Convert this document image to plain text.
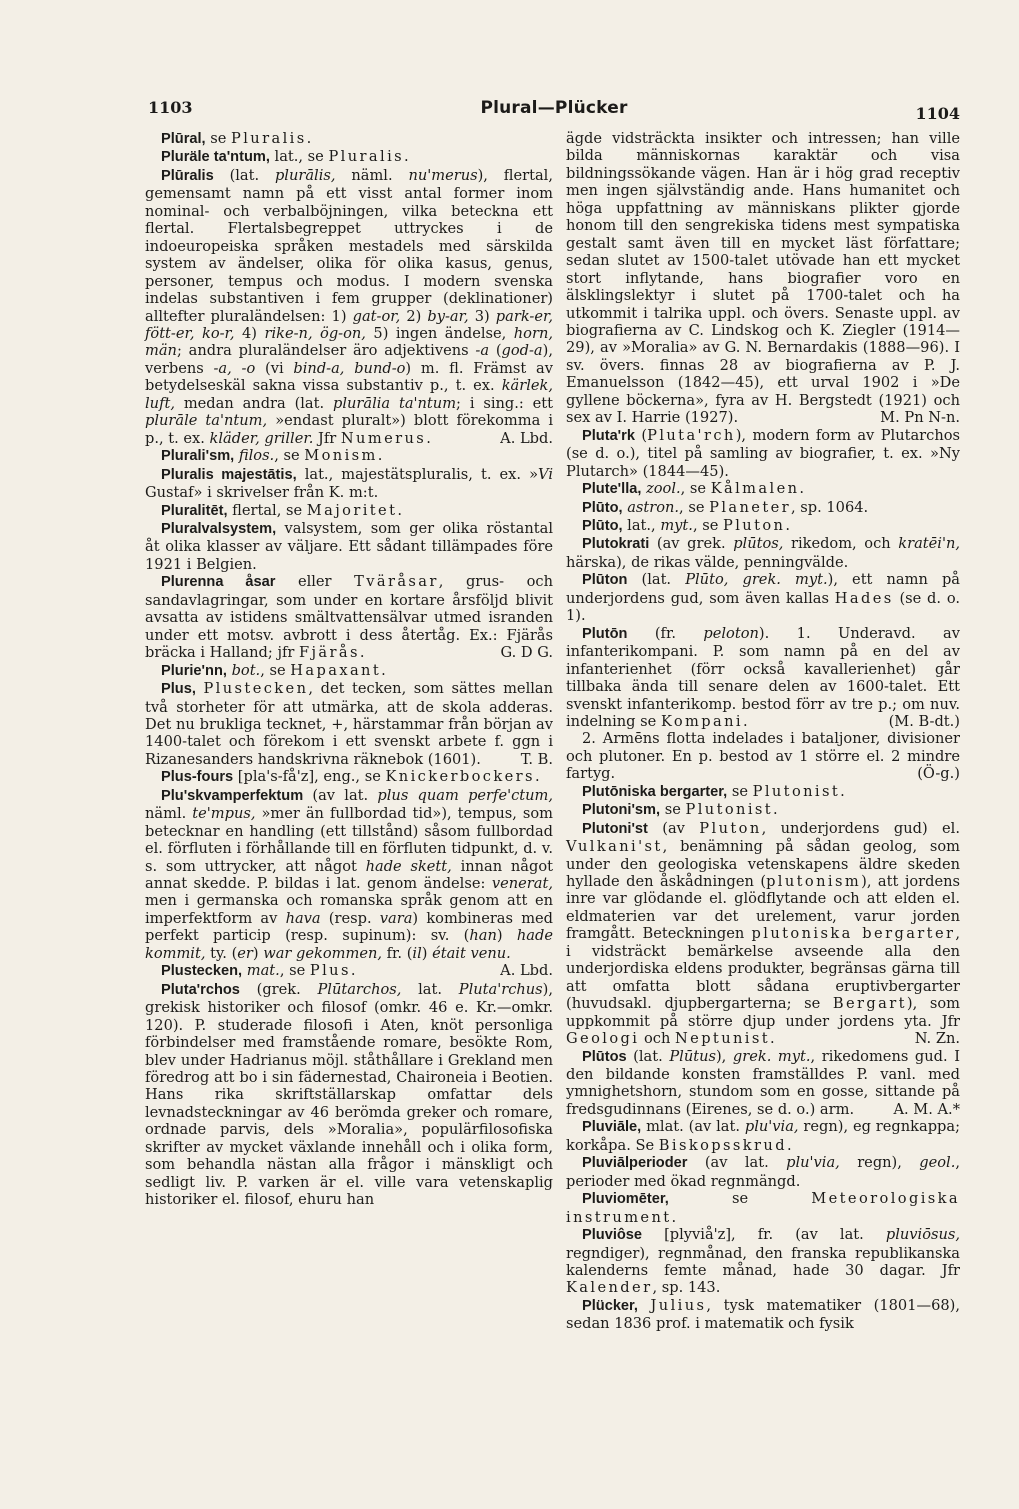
1103	Plural—Plücker	1104

Plūral, se Pluralis.

Pluräle ta'ntum, lat., se Pluralis.

Plūralis (lat. plurālis, näml. nu'merus), flertal, gemensamt namn på ett visst antal former inom nominal- och verbalböjningen, vilka beteckna ett flertal. Flertalsbegreppet uttryckes i de indoeuropeiska språken mestadels med särskilda system av ändelser, olika för olika kasus, genus, personer, tempus och modus. I modern svenska indelas substantiven i fem grupper (deklinationer) alltefter pluraländelsen: 1) gat-or, 2) by-ar, 3) park-er, fött-er, ko-r, 4) rike-n, ög-on, 5) ingen ändelse, horn, män; andra pluraländelser äro adjektivens -a (god-a), verbens -a, -o (vi bind-a, bund-o) m. fl. Främst av betydelseskäl sakna vissa substantiv p., t. ex. kärlek, luft, medan andra (lat. plurālia ta'ntum; i sing.: ett plurāle ta'ntum, »endast pluralt») blott förekomma i p., t. ex. kläder, griller. Jfr Numerus.	A. Lbd.

Plurali'sm, filos., se Monism.

Pluralis majestātis, lat., majestätspluralis, t. ex. »Vi Gustaf» i skrivelser från K. m:t.

Pluralitēt, flertal, se Majoritet.

Pluralvalsystem, valsystem, som ger olika röstantal åt olika klasser av väljare. Ett sådant tillämpades före 1921 i Belgien.

Plurenna åsar eller Tväråsar, grus- och sandavlagringar, som under en kortare årsföljd blivit avsatta av istidens smältvattensälvar utmed isranden under ett motsv. avbrott i dess återtåg. Ex.: Fjärås bräcka i Halland; jfr Fjärås.	G. D G.

Plurie'nn, bot., se Hapaxant.

Plus, Plustecken, det tecken, som sättes mellan två storheter för att utmärka, att de skola adderas. Det nu brukliga tecknet, +, härstammar från början av 1400-talet och förekom i ett svenskt arbete f. ggn i Rizanesanders handskrivna räknebok (1601).	T. B.

Plus-fours [pla's-få'z], eng., se Knickerbockers.

Plu'skvamperfektum (av lat. plus quam perfe'ctum, näml. te'mpus, »mer än fullbordad tid»), tempus, som betecknar en handling (ett tillstånd) såsom fullbordad el. förfluten i förhållande till en förfluten tidpunkt, d. v. s. som uttrycker, att något hade skett, innan något annat skedde. P. bildas i lat. genom ändelse: venerat, men i germanska och romanska språk genom att en imperfektform av hava (resp. vara) kombineras med perfekt particip (resp. supinum): sv. (han) hade kommit, ty. (er) war gekommen, fr. (il) était venu.
A. Lbd.

Plustecken, mat., se Plus.

Pluta'rchos (grek. Plūtarchos, lat. Pluta'rchus), grekisk historiker och filosof (omkr. 46 e. Kr.—omkr. 120). P. studerade filosofi i Aten, knöt personliga förbindelser med framstående romare, besökte Rom, blev under Hadrianus möjl. ståthållare i Grekland men föredrog att bo i sin fädernestad, Chaironeia i Beotien. Hans rika skriftställarskap omfattar dels levnadsteckningar av 46 berömda greker och romare, ordnade parvis, dels »Moralia», populärfilosofiska skrifter av mycket växlande innehåll och i olika form, som behandla nästan alla frågor i mänskligt och sedligt liv. P. varken är el. ville vara vetenskaplig historiker el. filosof, ehuru han

ägde vidsträckta insikter och intressen; han ville bilda människornas karaktär och visa bildningssökande vägen. Han är i hög grad receptiv men ingen självständig ande. Hans humanitet och höga uppfattning av människans plikter gjorde honom till den sengrekiska tidens mest sympatiska gestalt samt även till en mycket läst författare; sedan slutet av 1500-talet utövade han ett mycket stort inflytande, hans biografier voro en älsklingslektyr i slutet på 1700-talet och ha utkommit i talrika uppl. och övers. Senaste uppl. av biografierna av C. Lindskog och K. Ziegler (1914—29), av »Moralia» av G. N. Bernardakis (1888—96). I sv. övers. finnas 28 av biografierna av P. J. Emanuelsson (1842—45), ett urval 1902 i »De gyllene böckerna», fyra av H. Bergstedt (1921) och sex av I. Harrie (1927).	M. Pn N-n.

Pluta'rk (Pluta'rch), modern form av Plutarchos (se d. o.), titel på samling av biografier, t. ex. »Ny Plutarch» (1844—45).

Plute'lla, zool., se Kålmalen.

Plūto, astron., se Planeter, sp. 1064.

Plūto, lat., myt., se Pluton.

Plutokrati (av grek. plūtos, rikedom, och kratēi'n, härska), de rikas välde, penningvälde.

Plūton (lat. Plūto, grek. myt.), ett namn på underjordens gud, som även kallas Hades (se d. o. 1).

Plutōn (fr. peloton). 1. Underavd. av infanterikompani. P. som namn på en del av infanterienhet (förr också kavallerienhet) går tillbaka ända till senare delen av 1600-talet. Ett svenskt infanterikomp. bestod förr av tre p.; om nuv. indelning se Kompani.	(M. B-dt.)

2. Armēns flotta indelades i bataljoner, divisioner och plutoner. En p. bestod av 1 större el. 2 mindre fartyg.	(Ö-g.)

Plutōniska bergarter, se Plutonist.

Plutoni'sm, se Plutonist.

Plutoni'st (av Pluton, underjordens gud) el. Vulkani'st, benämning på sådan geolog, som under den geologiska vetenskapens äldre skeden hyllade den åskådningen (plutonism), att jordens inre var glödande el. glödflytande och att elden el. eldmaterien var det urelement, varur jorden framgått. Beteckningen plutoniska bergarter, i vidsträckt bemärkelse avseende alla den underjordiska eldens produkter, begränsas gärna till att omfatta blott sådana eruptivbergarter (huvudsakl. djupbergarterna; se Bergart), som uppkommit på större djup under jordens yta. Jfr Geologi och Neptunist.	N. Zn.

Plūtos (lat. Plūtus), grek. myt., rikedomens gud. I den bildande konsten framställdes P. vanl. med ymnighetshorn, stundom som en gosse, sittande på fredsgudinnans (Eirenes, se d. o.) arm.	A. M. A.*

Pluviāle, mlat. (av lat. plu'via, regn), eg regnkappa; korkåpa. Se Biskopsskrud.

Pluviālperioder (av lat. plu'via, regn), geol., perioder med ökad regnmängd.

Pluviomēter, se Meteorologiska instrument.

Pluviôse [plyviå'z], fr. (av lat. pluviōsus, regndiger), regnmånad, den franska republikanska kalenderns femte månad, hade 30 dagar. Jfr Kalender, sp. 143.

Plücker, Julius, tysk matematiker (1801—68), sedan 1836 prof. i matematik och fysik
